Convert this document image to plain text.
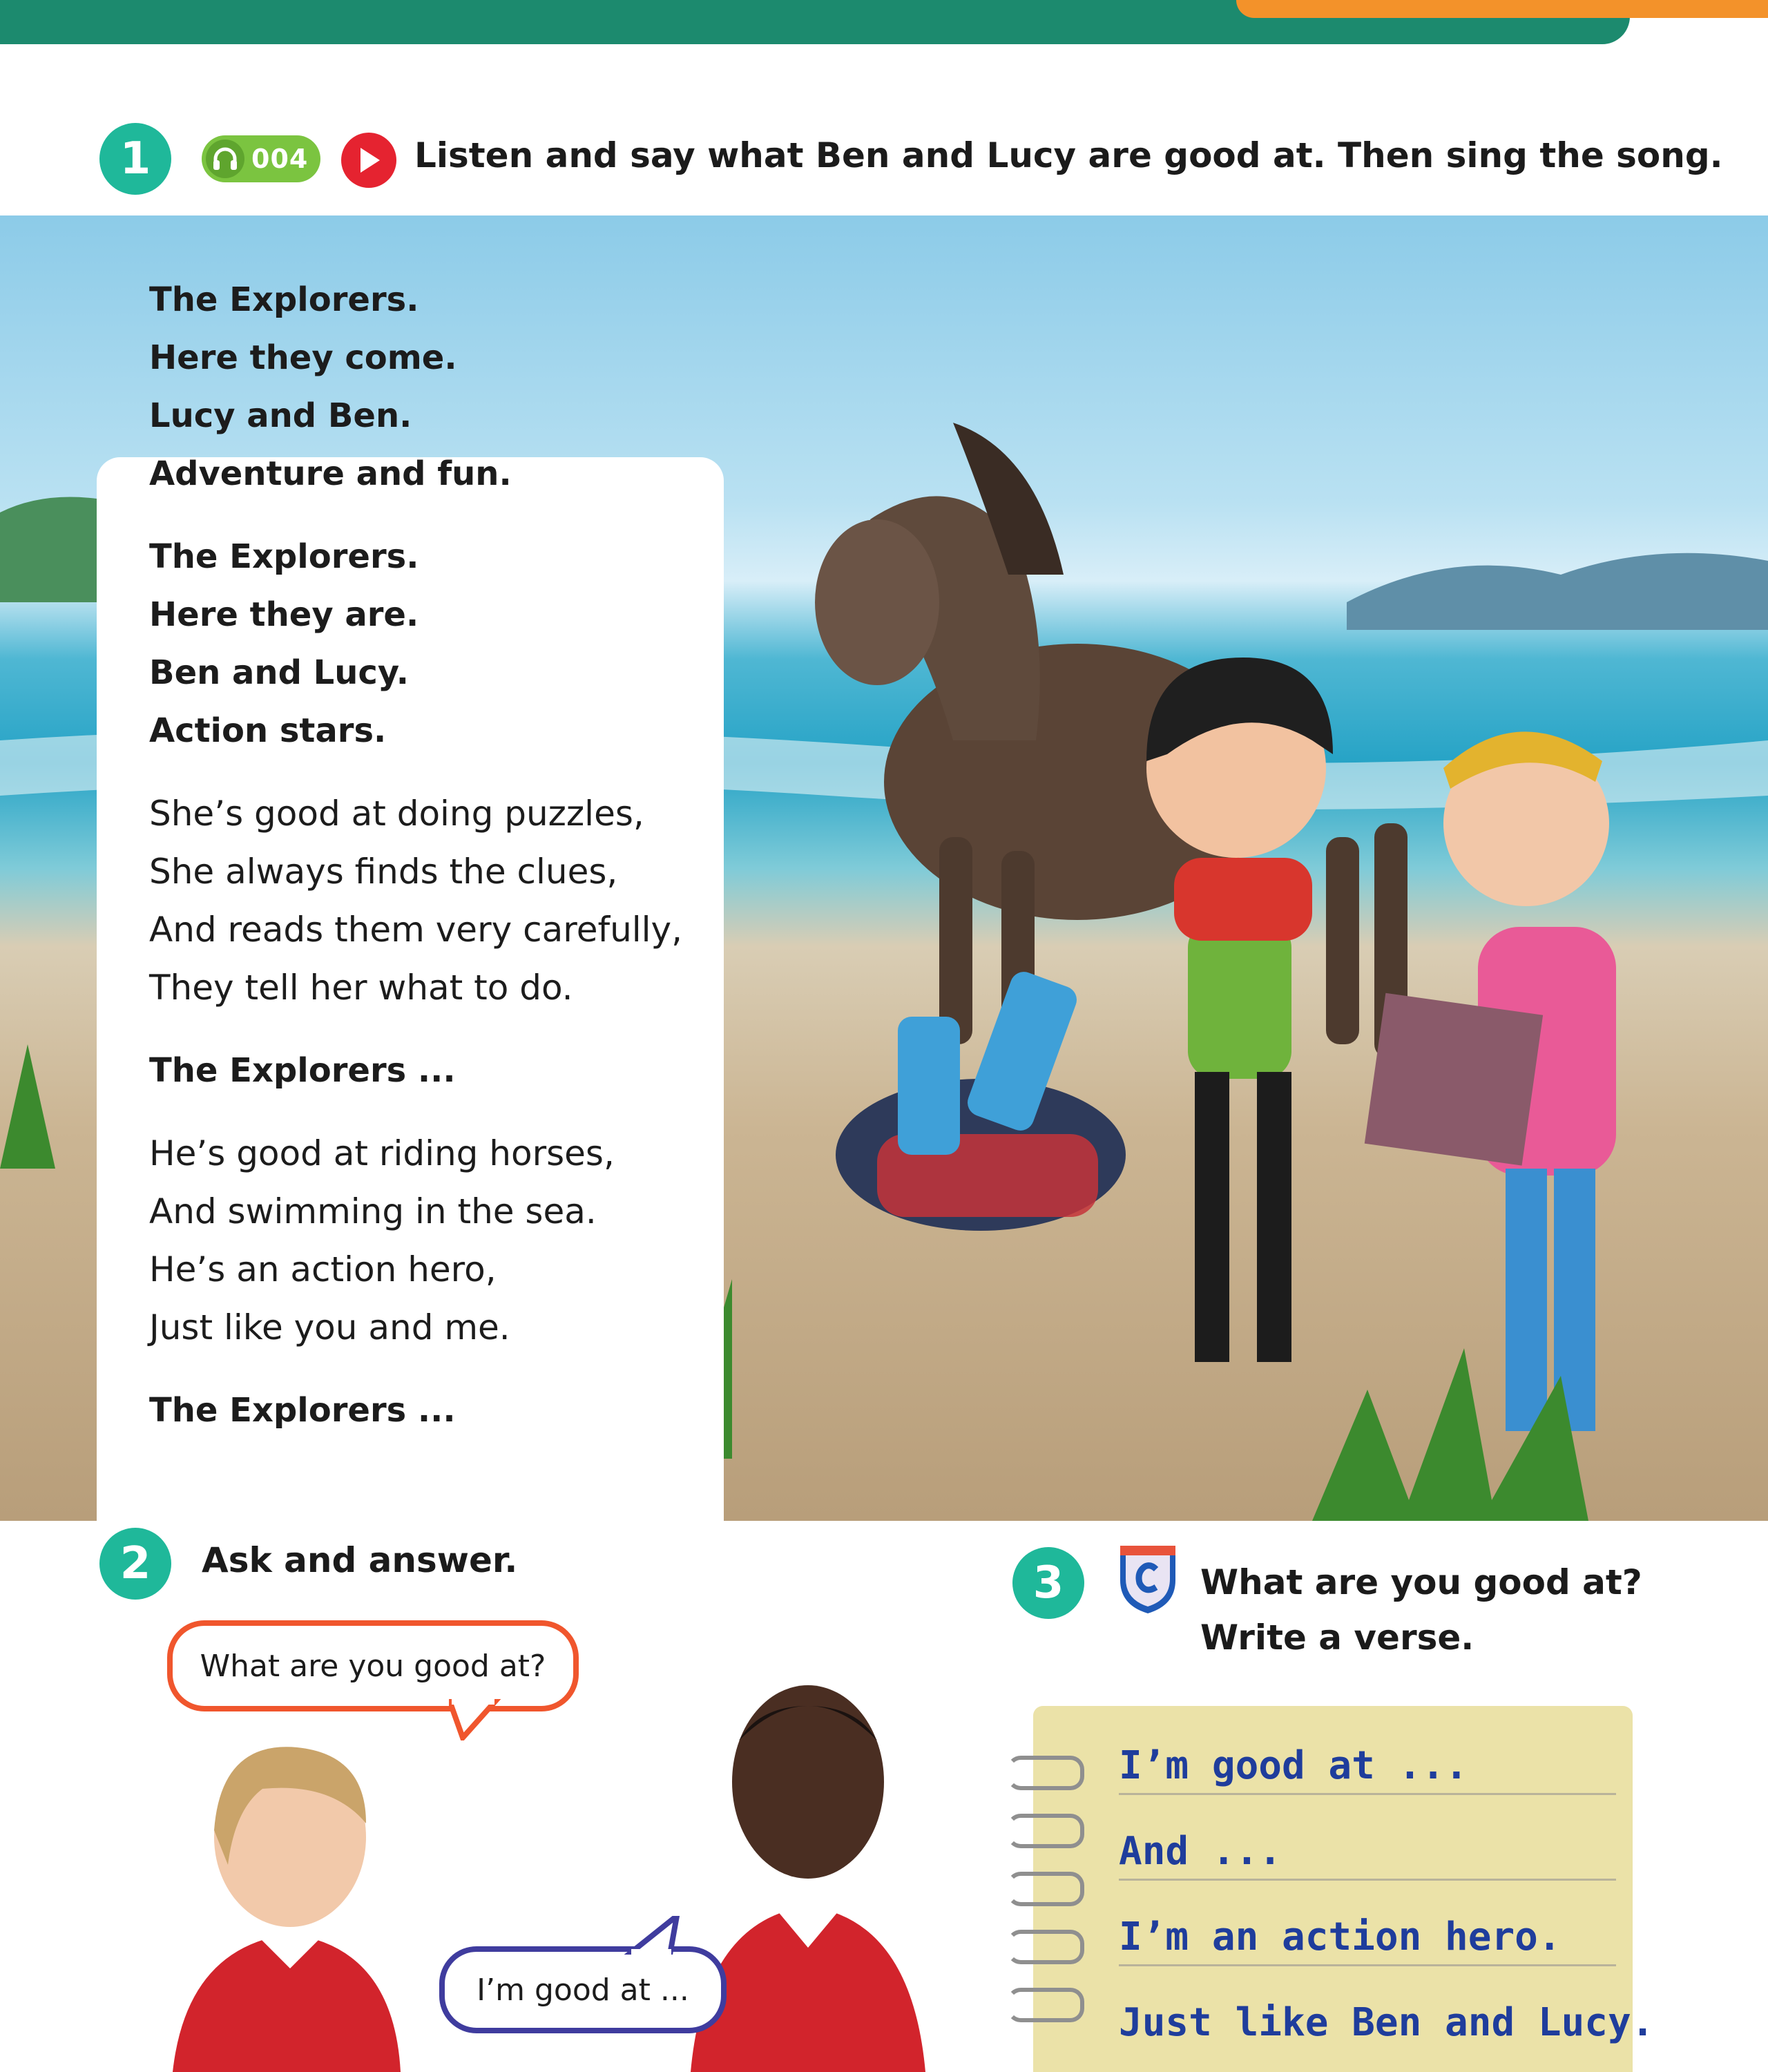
1	004	Listen and say what Ben and Lucy are good at. Then sing the song.
The Explorers.
Here they come.
Lucy and Ben.
Adventure and fun.
The Explorers.
Here they are.
Ben and Lucy.
Action stars.
She’s good at doing puzzles,
She always finds the clues,
And reads them very carefully,
They tell her what to do.
The Explorers ...
He’s good at riding horses,
And swimming in the sea.
He’s an action hero,
Just like you and me.
The Explorers ...
2	Ask and answer.
What are you good at?
I’m good at ...
3	What are you good at?
Write a verse.
I’m good at ...
And ...
I’m an action hero.
Just like Ben and Lucy.
